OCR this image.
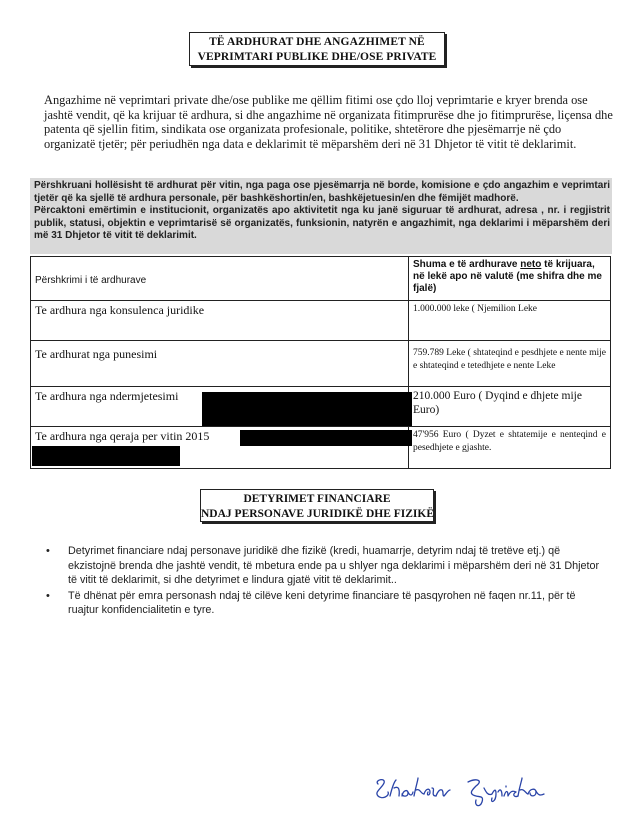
TË ARDHURAT DHE ANGAZHIMET NË
VEPRIMTARI PUBLIKE DHE/OSE PRIVATE
Angazhime në veprimtari private dhe/ose publike me qëllim fitimi ose çdo lloj veprimtarie e kryer brenda ose jashtë vendit, që ka krijuar të ardhura, si dhe angazhime në organizata fitimprurëse dhe jo fitimprurëse, liçensa dhe patenta që sjellin fitim, sindikata ose organizata profesionale, politike, shtetërore dhe pjesëmarrje në çdo organizatë tjetër; për periudhën nga data e deklarimit të mëparshëm deri në 31 Dhjetor të vitit të deklarimit.

Përshkruani hollësisht të ardhurat për vitin, nga paga ose pjesëmarrja në borde, komisione e çdo angazhim e veprimtari tjetër që ka sjellë të ardhura personale, për bashkëshortin/en, bashkëjetuesin/en dhe fëmijët madhorë.

Përcaktoni emërtimin e institucionit, organizatës apo aktivitetit nga ku janë siguruar të ardhurat, adresa , nr. i regjistrit publik, statusi, objektin e veprimtarisë së organizatës, funksionin, natyrën e angazhimit, nga deklarimi i mëparshëm deri më 31 Dhjetor të vitit të deklarimit.

Përshkrimi i të ardhurave	Shuma e të ardhurave neto të krijuara, në lekë apo në valutë (me shifra dhe me fjalë)
Te ardhura nga konsulenca juridike	1.000.000 leke ( Njemilion Leke
Te ardhurat nga punesimi	759.789 Leke ( shtateqind e pesdhjete e nente mije e shtateqind e tetedhjete e nente Leke
Te ardhura nga ndermjetesimi	210.000 Euro ( Dyqind e dhjete mije Euro)
Te ardhura nga qeraja per vitin 2015	47'956 Euro ( Dyzet e shtatemije e nenteqind e pesedhjete e gjashte.
DETYRIMET FINANCIARE
NDAJ PERSONAVE JURIDIKË DHE FIZIKË
• Detyrimet financiare ndaj personave juridikë dhe fizikë (kredi, huamarrje, detyrim ndaj të tretëve etj.) që ekzistojnë brenda dhe jashtë vendit, të mbetura ende pa u shlyer nga deklarimi i mëparshëm deri në 31 Dhjetor të vitit të deklarimit, si dhe detyrimet e lindura gjatë vitit të deklarimit..
• Të dhënat për emra personash ndaj të cilëve keni detyrime financiare të pasqyrohen në faqen nr.11, për të ruajtur konfidencialitetin e tyre.
